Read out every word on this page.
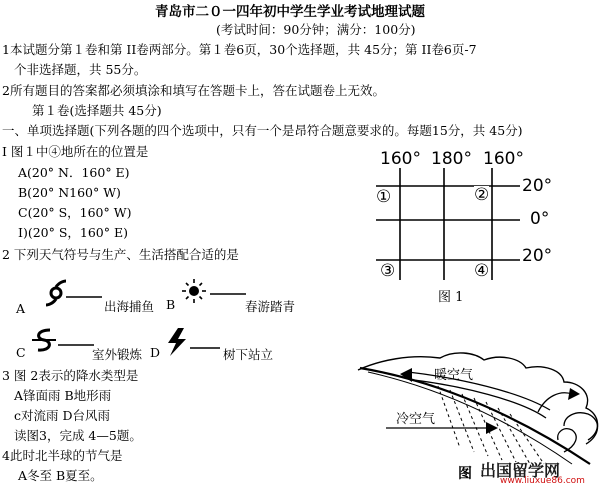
青岛市二０一四年初中学生学业考试地理试题
(考试时间：90分钟；满分：100分)
1本试题分第１卷和第 II卷两部分。第１卷6页，30个选择题，共 45分；第 II卷6页-7
个非选择题，共 55分。
2所有题目的答案都必须填涂和填写在答题卡上，答在试题卷上无效。
第１卷(选择题共 45分)
一、单项选择题(下列各题的四个选项中，只有一个是昂符合题意要求的。每题15分，共 45分)
I 图１中④地所在的位置是
A(20° N．160° E)
B(20° N160° W)
C(20° S，160° W)
I)(20° S，160° E)
2 下列天气符号与生产、生活搭配合适的是
A	出海捕鱼 B	春游踏青
C	室外锻炼 D	树下站立
3 图 2表示的降水类型是
A锋面雨 B地形雨
c对流雨 D台风雨
读图3，完成 4—5题。
4此时北半球的节气是
A冬至 B夏至。
160° 180° 160°
20°
0°
20°
①	②
③	④
图 1
暖空气
冷空气
图 出国留学网
www.liuxue86.com
